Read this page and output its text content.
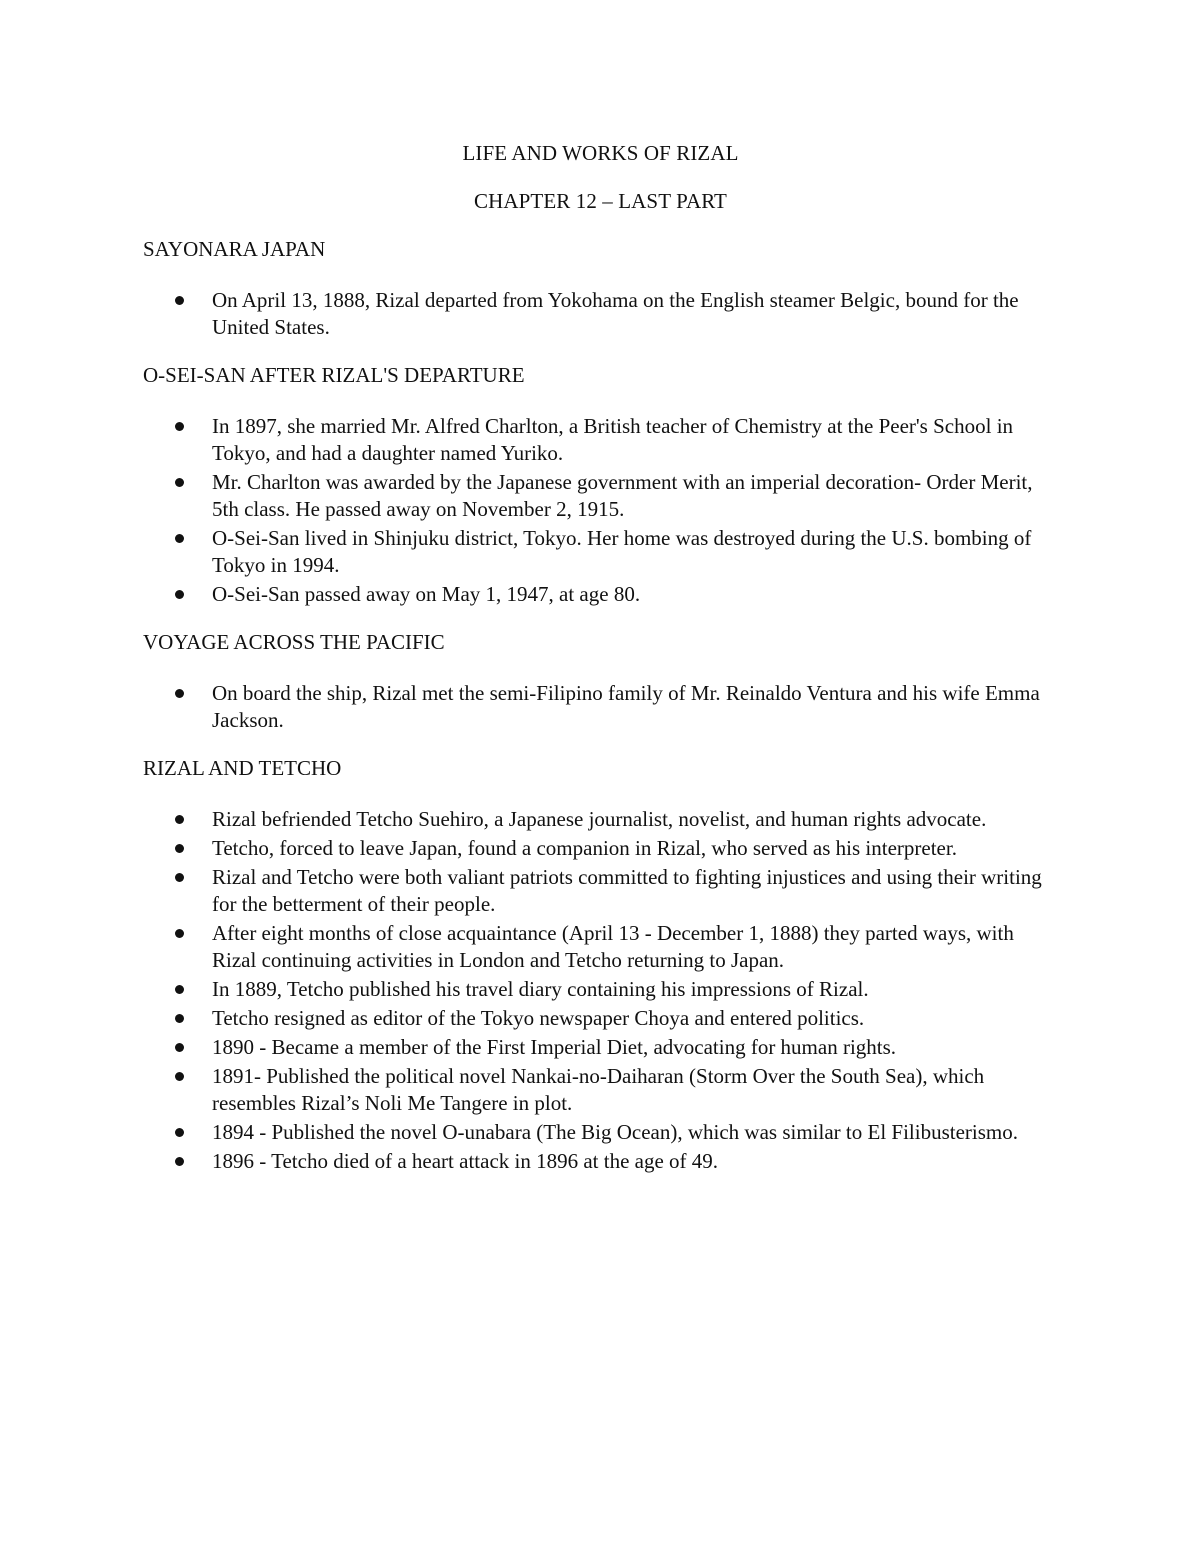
LIFE AND WORKS OF RIZAL
CHAPTER 12 – LAST PART
SAYONARA JAPAN
On April 13, 1888, Rizal departed from Yokohama on the English steamer Belgic, bound for the United States.
O-SEI-SAN AFTER RIZAL'S DEPARTURE
In 1897, she married Mr. Alfred Charlton, a British teacher of Chemistry at the Peer's School in Tokyo, and had a daughter named Yuriko.
Mr. Charlton was awarded by the Japanese government with an imperial decoration- Order Merit, 5th class. He passed away on November 2, 1915.
O-Sei-San lived in Shinjuku district, Tokyo. Her home was destroyed during the U.S. bombing of Tokyo in 1994.
O-Sei-San passed away on May 1, 1947, at age 80.
VOYAGE ACROSS THE PACIFIC
On board the ship, Rizal met the semi-Filipino family of Mr. Reinaldo Ventura and his wife Emma Jackson.
RIZAL AND TETCHO
Rizal befriended Tetcho Suehiro, a Japanese journalist, novelist, and human rights advocate.
Tetcho, forced to leave Japan, found a companion in Rizal, who served as his interpreter.
Rizal and Tetcho were both valiant patriots committed to fighting injustices and using their writing for the betterment of their people.
After eight months of close acquaintance (April 13 - December 1, 1888) they parted ways, with Rizal continuing activities in London and Tetcho returning to Japan.
In 1889, Tetcho published his travel diary containing his impressions of Rizal.
Tetcho resigned as editor of the Tokyo newspaper Choya and entered politics.
1890 - Became a member of the First Imperial Diet, advocating for human rights.
1891- Published the political novel Nankai-no-Daiharan (Storm Over the South Sea), which resembles Rizal’s Noli Me Tangere in plot.
1894 - Published the novel O-unabara (The Big Ocean), which was similar to El Filibusterismo.
1896 - Tetcho died of a heart attack in 1896 at the age of 49.
